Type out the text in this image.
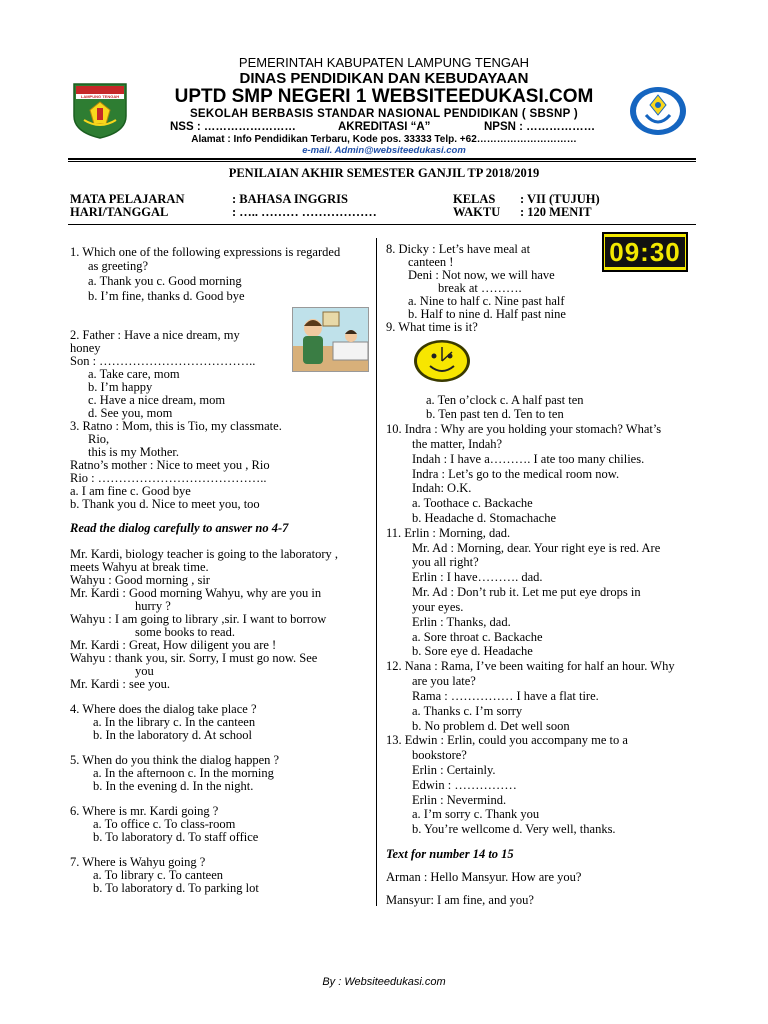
PEMERINTAH KABUPATEN LAMPUNG TENGAH
DINAS PENDIDIKAN DAN KEBUDAYAAN
UPTD SMP NEGERI 1 WEBSITEEDUKASI.COM
SEKOLAH BERBASIS STANDAR NASIONAL PENDIDIKAN ( SBSNP )
NSS : ……………………	AKREDITASI “A”	NPSN : ………………
Alamat : Info Pendidikan Terbaru, Kode pos. 33333 Telp. +62…………………………
e-mail. Admin@websiteedukasi.com
LAMPUNG TENGAH
PENILAIAN AKHIR SEMESTER GANJIL TP 2018/2019
MATA PELAJARAN	: BAHASA INGGRIS
HARI/TANGGAL	: ….. ……… ………………
KELAS : VII (TUJUH)
WAKTU : 120 MENIT
09:30
1. Which one of the following expressions is regarded
as greeting?
a. Thank you c. Good morning
b. I’m fine, thanks d. Good bye
2. Father : Have a nice dream, my
honey
Son : ………………………………..
a. Take care, mom
b. I’m happy
c. Have a nice dream, mom
d. See you, mom
3. Ratno : Mom, this is Tio, my classmate.
Rio,
this is my Mother.
Ratno’s mother : Nice to meet you , Rio
Rio : …………………………………..
a. I am fine c. Good bye
b. Thank you d. Nice to meet you, too
Read the dialog carefully to answer no 4-7
Mr. Kardi, biology teacher is going to the laboratory ,
meets Wahyu at break time.
Wahyu : Good morning , sir
Mr. Kardi : Good morning Wahyu, why are you in
hurry ?
Wahyu : I am going to library ,sir. I want to borrow
some books to read.
Mr. Kardi : Great, How diligent you are !
Wahyu : thank you, sir. Sorry, I must go now. See
you
Mr. Kardi : see you.
4. Where does the dialog take place ?
a. In the library c. In the canteen
b. In the laboratory d. At school
5. When do you think the dialog happen ?
a. In the afternoon c. In the morning
b. In the evening d. In the night.
6. Where is mr. Kardi going ?
a. To office c. To class-room
b. To laboratory d. To staff office
7. Where is Wahyu going ?
a. To library c. To canteen
b. To laboratory d. To parking lot
8. Dicky : Let’s have meal at
canteen !
Deni : Not now, we will have
break at ……….
a. Nine to half c. Nine past half
b. Half to nine d. Half past nine
9. What time is it?
a. Ten o’clock c. A half past ten
b. Ten past ten d. Ten to ten
10. Indra : Why are you holding your stomach? What’s
the matter, Indah?
Indah : I have a………. I ate too many chilies.
Indra : Let’s go to the medical room now.
Indah: O.K.
a. Toothace c. Backache
b. Headache d. Stomachache
11. Erlin : Morning, dad.
Mr. Ad : Morning, dear. Your right eye is red. Are
you all right?
Erlin : I have………. dad.
Mr. Ad : Don’t rub it. Let me put eye drops in
your eyes.
Erlin : Thanks, dad.
a. Sore throat c. Backache
b. Sore eye d. Headache
12. Nana : Rama, I’ve been waiting for half an hour. Why
are you late?
Rama : …………… I have a flat tire.
a. Thanks c. I’m sorry
b. No problem d. Det well soon
13. Edwin : Erlin, could you accompany me to a
bookstore?
Erlin : Certainly.
Edwin : ……………
Erlin : Nevermind.
a. I’m sorry c. Thank you
b. You’re wellcome d. Very well, thanks.
Text for number 14 to 15
Arman : Hello Mansyur. How are you?
Mansyur: I am fine, and you?
By : Websiteedukasi.com
